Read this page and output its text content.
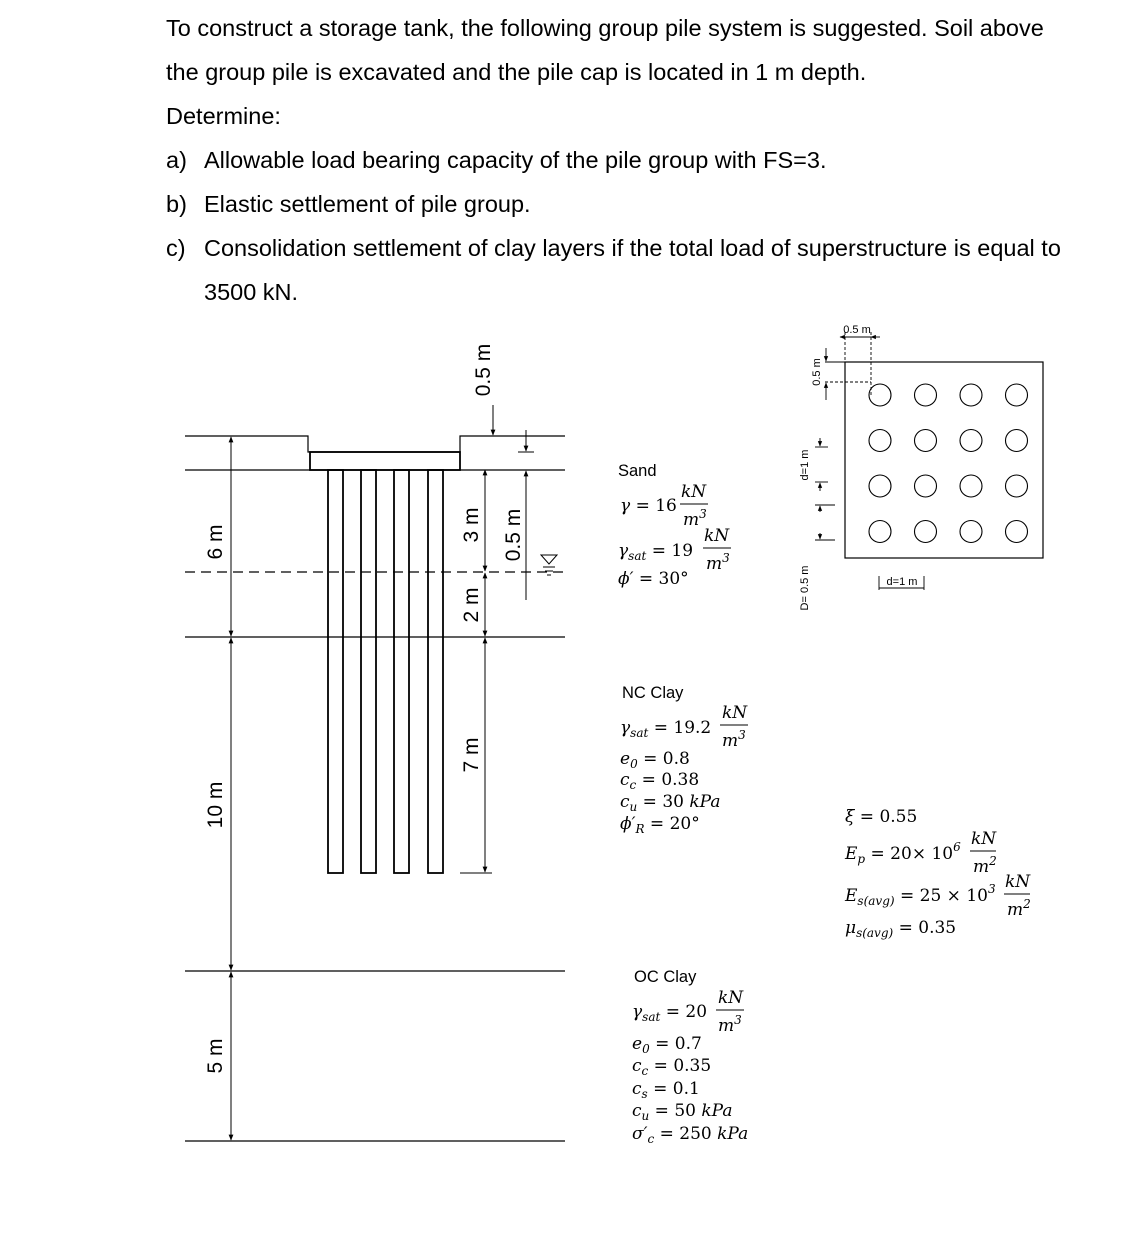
To construct a storage tank, the following group pile system is suggested. Soil above the group pile is excavated and the pile cap is located in 1 m depth.

Determine:

a) Allowable load bearing capacity of the pile group with FS=3.
b) Elastic settlement of pile group.
c) Consolidation settlement of clay layers if the total load of superstructure is equal to 3500 kN.
6 m
10 m
5 m
0.5 m
3 m
2 m
7 m
0.5 m
Sand
γ = 16
kN
$m^3$
$\gamma_{sat} = 19$
kN
$m^3$
ϕ′ = 30°
NC Clay
$\gamma_{sat} = 19.2$
kN
$m^3$
$e_0 = 0.8$
$c_c = 0.38$
$c_u = 30$ kPa
$\phi'_R = 20^\circ$
OC Clay
$\gamma_{sat} = 20$
kN
$m^3$
$e_0 = 0.7$
$c_c = 0.35$
$c_s = 0.1$
$c_u = 50$ kPa
$\sigma'_c = 250$ kPa
0.5 m
0.5 m
d=1 m
D= 0.5 m	d=1 m
ξ = 0.55
$E_p = 20\times 10^6$ kN
$m^2$
$E_{s(avg)} = 25 \times 10^3$ kN
$m^2$
$\mu_{s(avg)} = 0.35$
